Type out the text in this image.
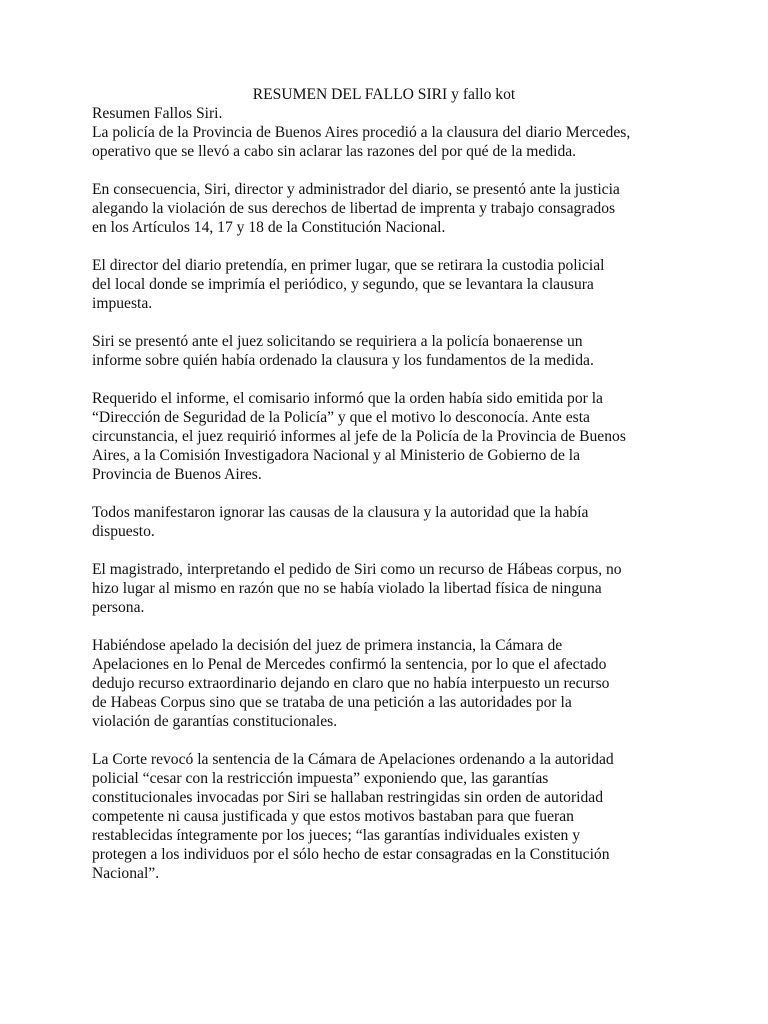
RESUMEN DEL FALLO SIRI y fallo kot

Resumen Fallos Siri.
La policía de la Provincia de Buenos Aires procedió a la clausura del diario Mercedes,
operativo que se llevó a cabo sin aclarar las razones del por qué de la medida.

En consecuencia, Siri, director y administrador del diario, se presentó ante la justicia
alegando la violación de sus derechos de libertad de imprenta y trabajo consagrados
en los Artículos 14, 17 y 18 de la Constitución Nacional.

El director del diario pretendía, en primer lugar, que se retirara la custodia policial
del local donde se imprimía el periódico, y segundo, que se levantara la clausura
impuesta.

Siri se presentó ante el juez solicitando se requiriera a la policía bonaerense un
informe sobre quién había ordenado la clausura y los fundamentos de la medida.

Requerido el informe, el comisario informó que la orden había sido emitida por la
“Dirección de Seguridad de la Policía” y que el motivo lo desconocía. Ante esta
circunstancia, el juez requirió informes al jefe de la Policía de la Provincia de Buenos
Aires, a la Comisión Investigadora Nacional y al Ministerio de Gobierno de la
Provincia de Buenos Aires.

Todos manifestaron ignorar las causas de la clausura y la autoridad que la había
dispuesto.

El magistrado, interpretando el pedido de Siri como un recurso de Hábeas corpus, no
hizo lugar al mismo en razón que no se había violado la libertad física de ninguna
persona.

Habiéndose apelado la decisión del juez de primera instancia, la Cámara de
Apelaciones en lo Penal de Mercedes confirmó la sentencia, por lo que el afectado
dedujo recurso extraordinario dejando en claro que no había interpuesto un recurso
de Habeas Corpus sino que se trataba de una petición a las autoridades por la
violación de garantías constitucionales.

La Corte revocó la sentencia de la Cámara de Apelaciones ordenando a la autoridad
policial “cesar con la restricción impuesta” exponiendo que, las garantías
constitucionales invocadas por Siri se hallaban restringidas sin orden de autoridad
competente ni causa justificada y que estos motivos bastaban para que fueran
restablecidas íntegramente por los jueces; “las garantías individuales existen y
protegen a los individuos por el sólo hecho de estar consagradas en la Constitución
Nacional”.
